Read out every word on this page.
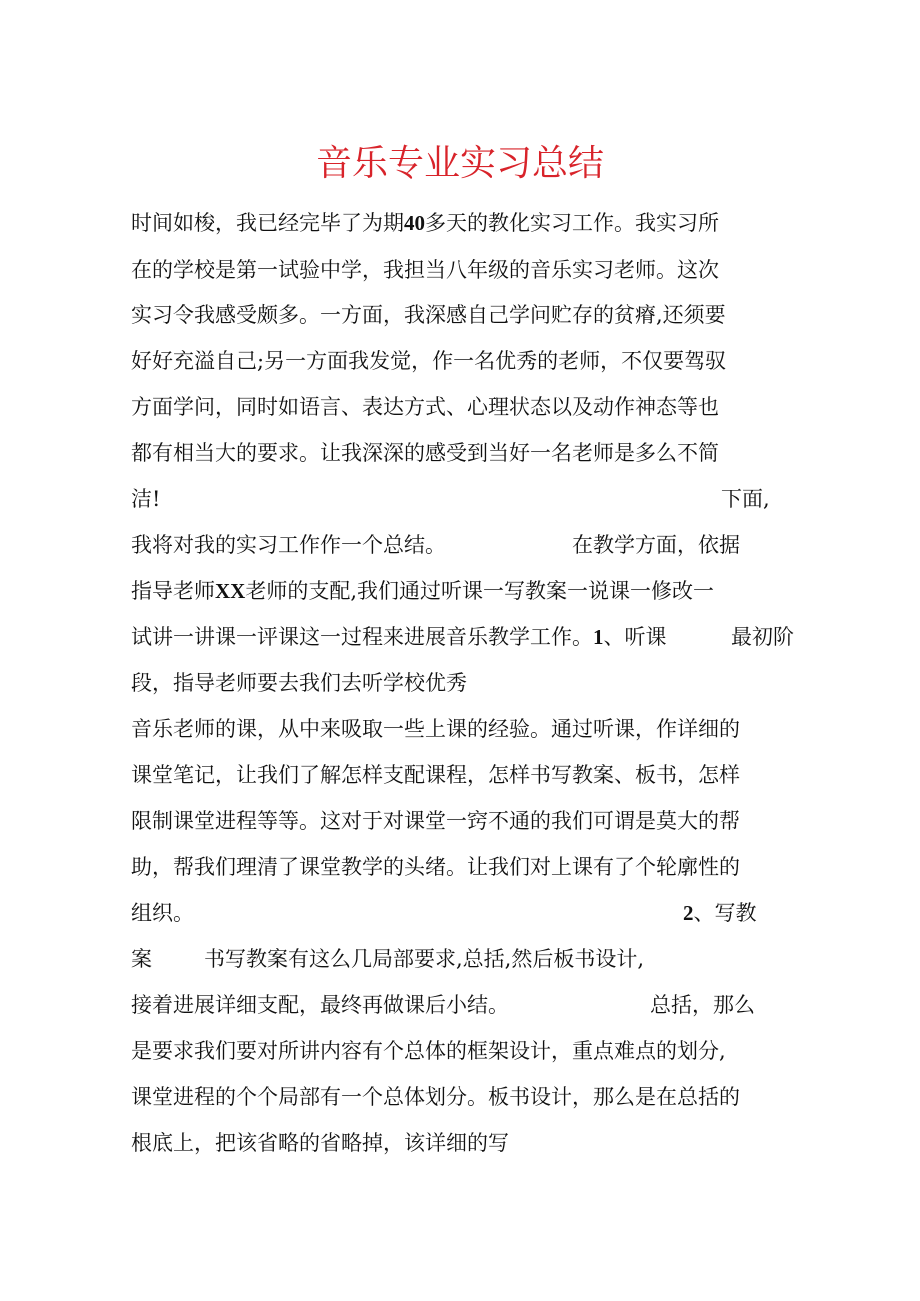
音乐专业实习总结
时间如梭，我已经完毕了为期40多天的教化实习工作。我实习所
在的学校是第一试验中学，我担当八年级的音乐实习老师。这次
实习令我感受颇多。一方面，我深感自己学问贮存的贫瘠,还须要
好好充溢自己;另一方面我发觉，作一名优秀的老师，不仅要驾驭
方面学问，同时如语言、表达方式、心理状态以及动作神态等也
都有相当大的要求。让我深深的感受到当好一名老师是多么不简
洁!	下面,
我将对我的实习工作作一个总结。	在教学方面，依据
指导老师XX老师的支配,我们通过听课一写教案一说课一修改一
试讲一讲课一评课这一过程来进展音乐教学工作。1、听课	最初阶
段，指导老师要去我们去听学校优秀
音乐老师的课，从中来吸取一些上课的经验。通过听课，作详细的
课堂笔记，让我们了解怎样支配课程，怎样书写教案、板书，怎样
限制课堂进程等等。这对于对课堂一窍不通的我们可谓是莫大的帮
助，帮我们理清了课堂教学的头绪。让我们对上课有了个轮廓性的
组织。	2、写教
案 书写教案有这么几局部要求,总括,然后板书设计,
接着进展详细支配，最终再做课后小结。	总括，那么
是要求我们要对所讲内容有个总体的框架设计，重点难点的划分,
课堂进程的个个局部有一个总体划分。板书设计，那么是在总括的
根底上，把该省略的省略掉，该详细的写
